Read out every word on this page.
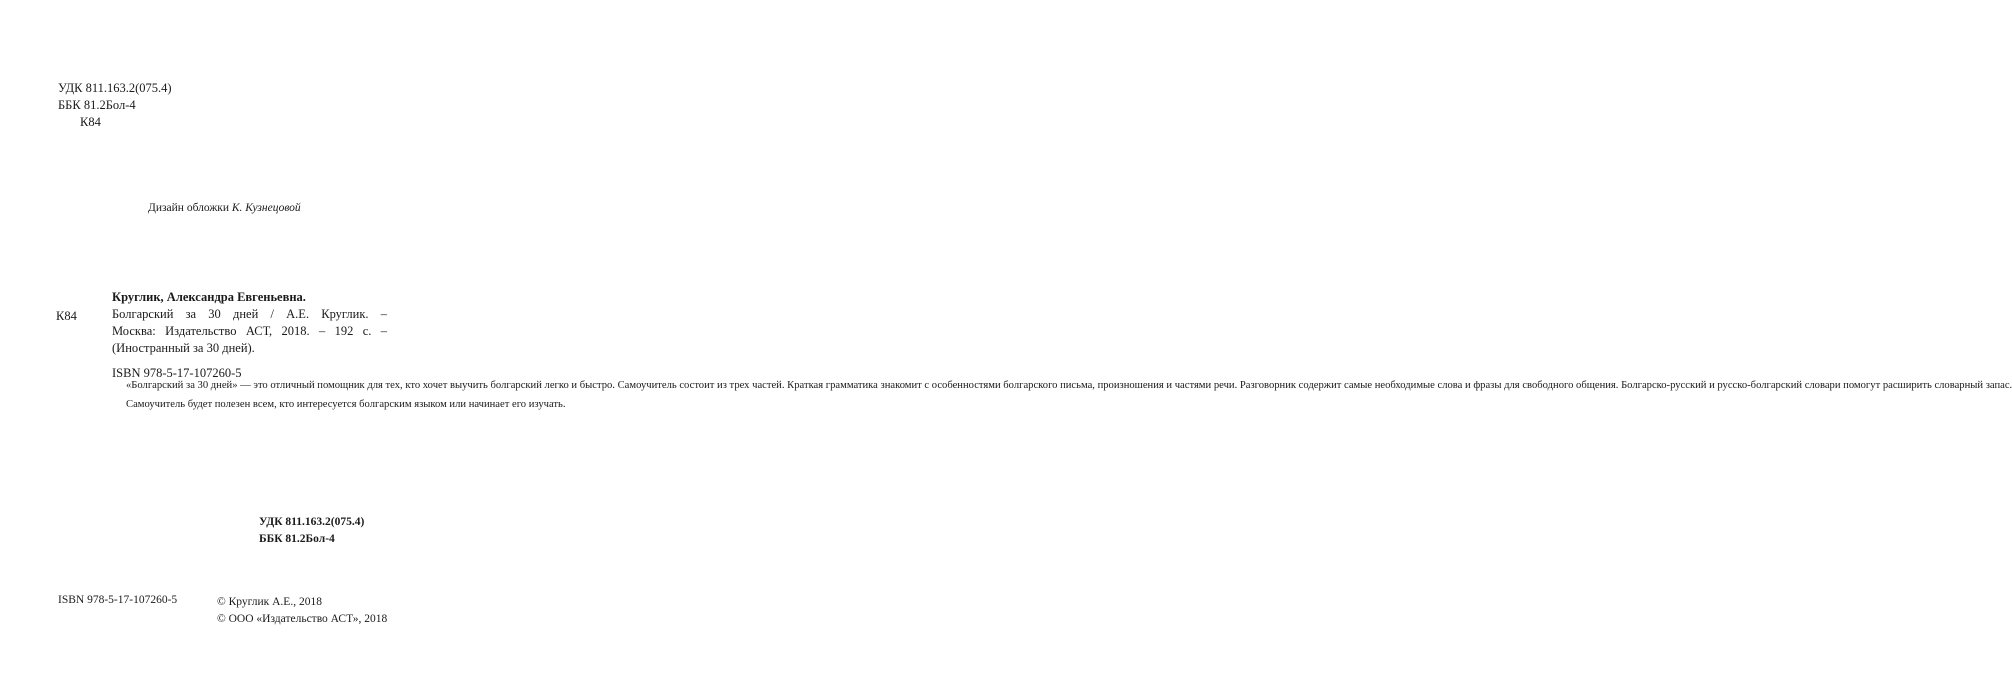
УДК 811.163.2(075.4)
ББК 81.2Бол-4
К84
Дизайн обложки К. Кузнецовой
К84
Круглик, Александра Евгеньевна.
Болгарский за 30 дней / А.Е. Круглик. –
Москва: Издательство АСТ, 2018. – 192 с. –
(Иностранный за 30 дней).
ISBN 978-5-17-107260-5

«Болгарский за 30 дней» — это отличный помощник для тех, кто хочет выучить болгарский легко и быстро. Самоучитель состоит из трех частей. Краткая грамматика знакомит с особенностями болгарского письма, произношения и частями речи. Разговорник содержит самые необходимые слова и фразы для свободного общения. Болгарско-русский и русско-болгарский словари помогут расширить словарный запас.

Самоучитель будет полезен всем, кто интересуется болгарским языком или начинает его изучать.

УДК 811.163.2(075.4)
ББК 81.2Бол-4
ISBN 978-5-17-107260-5	© Круглик А.Е., 2018
© ООО «Издательство АСТ», 2018
